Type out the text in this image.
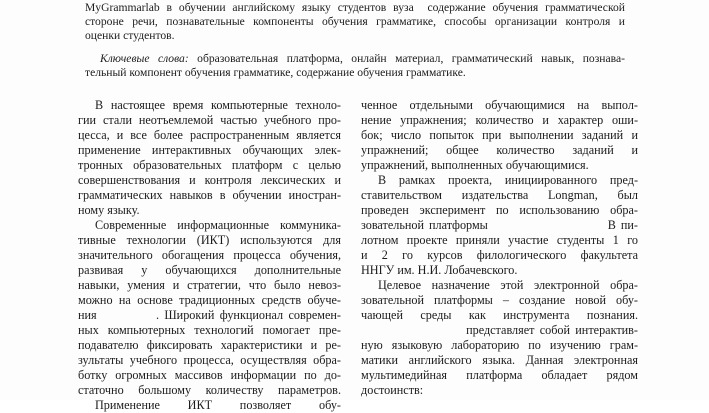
MyGrammarlab в обучении английскому языку студентов вуза  содержание обучения грамматической
стороне речи, познавательные компоненты обучения грамматике, способы организации контроля и
оценки студентов.
Ключевые слова: образовательная платформа, онлайн материал, грамматический навык, познава-
тельный компонент обучения грамматике, содержание обучения грамматике.
В настоящее время компьютерные техноло-
гии стали неотъемлемой частью учебного про-
цесса, и все более распространенным является
применение интерактивных обучающих элек-
тронных образовательных платформ с целью
совершенствования и контроля лексических и
грамматических навыков в обучении иностран-
ному языку.
Современные информационные коммуника-
тивные технологии (ИКТ) используются для
значительного обогащения процесса обучения,
развивая у обучающихся дополнительные
навыки, умения и стратегии, что было невоз-
можно на основе традиционных средств обуче-
ния           . Широкий функционал современ-
ных компьютерных технологий помогает пре-
подавателю фиксировать характеристики и ре-
зультаты учебного процесса, осуществляя обра-
ботку огромных массивов информации по до-
статочно большому количеству параметров.
Применение ИКТ позволяет обу-
ченное отдельными обучающимися на выпол-
нение упражнения; количество и характер оши-
бок; число попыток при выполнении заданий и
упражнений; общее количество заданий и
упражнений, выполненных обучающимися.
В рамках проекта, инициированного пред-
ставительством издательства Longman, был
проведен эксперимент по использованию обра-
зовательной платформы                        В пи-
лотном проекте приняли участие студенты 1 го
и 2 го курсов филологического факультета
ННГУ им. Н.И. Лобачевского.
Целевое назначение этой электронной обра-
зовательной платформы – создание новой обу-
чающей среды как инструмента познания.
представляет собой интерактив-
ную языковую лабораторию по изучению грам-
матики английского языка. Данная электронная
мультимедийная платформа обладает рядом
достоинств:
